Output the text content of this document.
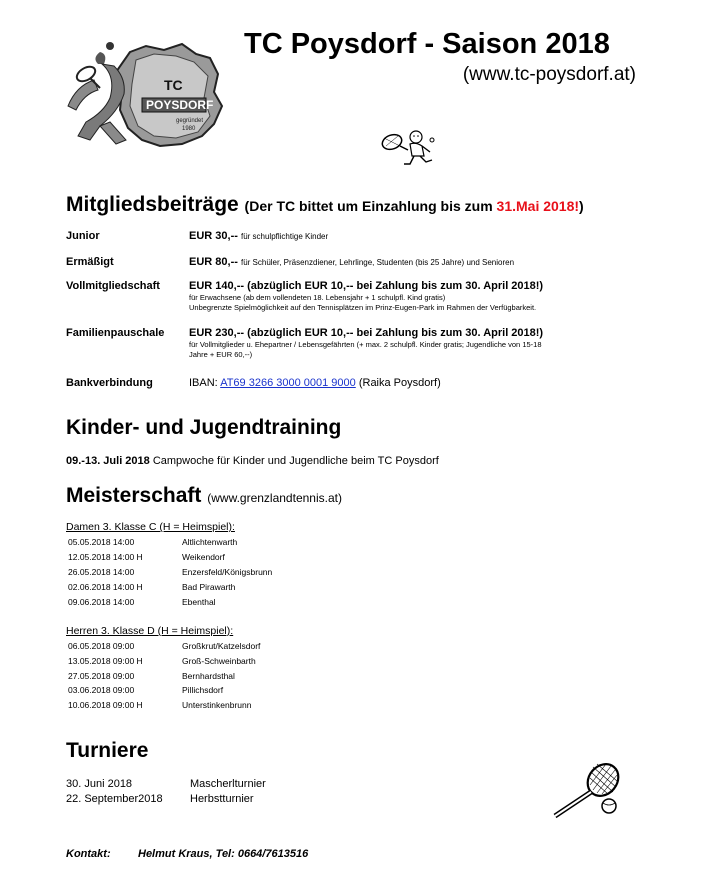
TC
POYSDORF
gegründet
1980
TC Poysdorf - Saison 2018
(www.tc-poysdorf.at)
Mitgliedsbeiträge (Der TC bittet um Einzahlung bis zum 31.Mai 2018!)
Junior	EUR 30,-- für schulpflichtige Kinder
Ermäßigt	EUR 80,-- für Schüler, Präsenzdiener, Lehrlinge, Studenten (bis 25 Jahre) und Senioren
Vollmitgliedschaft	EUR 140,-- (abzüglich EUR 10,-- bei Zahlung bis zum 30. April 2018!)
für Erwachsene (ab dem vollendeten 18. Lebensjahr + 1 schulpfl. Kind gratis)
Unbegrenzte Spielmöglichkeit auf den Tennisplätzen im Prinz-Eugen-Park im Rahmen der Verfügbarkeit.
Familienpauschale EUR 230,-- (abzüglich EUR 10,-- bei Zahlung bis zum 30. April 2018!)
für Vollmitglieder u. Ehepartner / Lebensgefährten (+ max. 2 schulpfl. Kinder gratis; Jugendliche von 15-18
Jahre + EUR 60,--)
Bankverbindung	IBAN: AT69 3266 3000 0001 9000 (Raika Poysdorf)
Kinder- und Jugendtraining
09.-13. Juli 2018 Campwoche für Kinder und Jugendliche beim TC Poysdorf
Meisterschaft (www.grenzlandtennis.at)
Damen 3. Klasse C (H = Heimspiel):
05.05.2018 14:00	Altlichtenwarth
12.05.2018 14:00 H	Weikendorf
26.05.2018 14:00	Enzersfeld/Königsbrunn
02.06.2018 14:00 H	Bad Pirawarth
09.06.2018 14:00	Ebenthal
Herren 3. Klasse D (H = Heimspiel):
06.05.2018 09:00	Großkrut/Katzelsdorf
13.05.2018 09:00 H	Groß-Schweinbarth
27.05.2018 09:00	Bernhardsthal
03.06.2018 09:00	Pillichsdorf
10.06.2018 09:00 H	Unterstinkenbrunn
Turniere
30. Juni 2018	Mascherlturnier
22. September2018 Herbstturnier
Kontakt: Helmut Kraus, Tel: 0664/7613516
